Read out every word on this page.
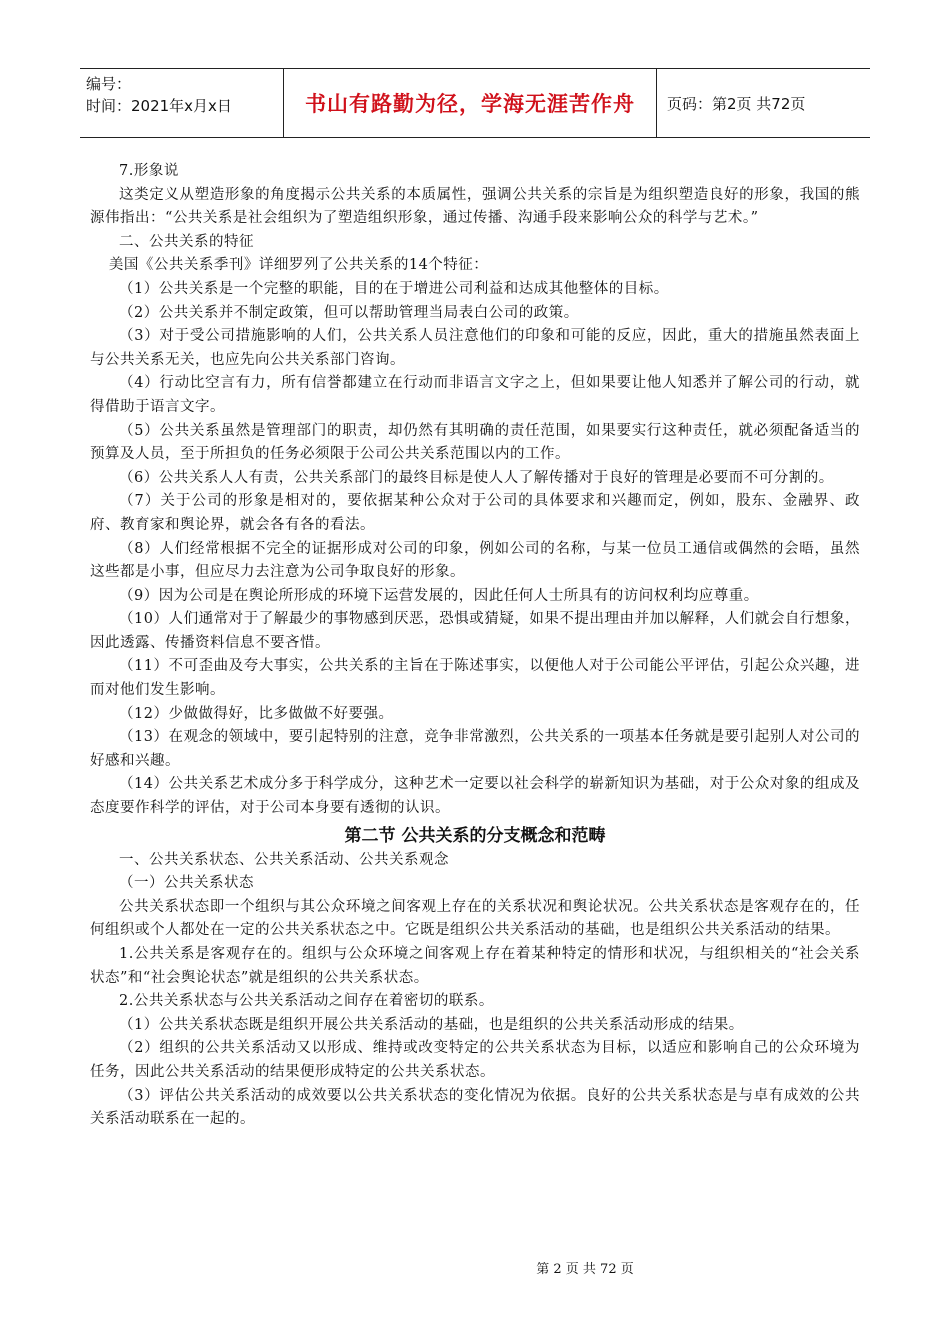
编号：
时间：2021年x月x日	书山有路勤为径，学海无涯苦作舟	页码：第2页 共72页

7.形象说

这类定义从塑造形象的角度揭示公共关系的本质属性，强调公共关系的宗旨是为组织塑造良好的形象，我国的熊源伟指出：“公共关系是社会组织为了塑造组织形象，通过传播、沟通手段来影响公众的科学与艺术。”

二、公共关系的特征

美国《公共关系季刊》详细罗列了公共关系的14个特征：

（1）公共关系是一个完整的职能，目的在于增进公司利益和达成其他整体的目标。

（2）公共关系并不制定政策，但可以帮助管理当局表白公司的政策。

（3）对于受公司措施影响的人们，公共关系人员注意他们的印象和可能的反应，因此，重大的措施虽然表面上与公共关系无关，也应先向公共关系部门咨询。

（4）行动比空言有力，所有信誉都建立在行动而非语言文字之上，但如果要让他人知悉并了解公司的行动，就得借助于语言文字。

（5）公共关系虽然是管理部门的职责，却仍然有其明确的责任范围，如果要实行这种责任，就必须配备适当的预算及人员，至于所担负的任务必须限于公司公共关系范围以内的工作。

（6）公共关系人人有责，公共关系部门的最终目标是使人人了解传播对于良好的管理是必要而不可分割的。

（7）关于公司的形象是相对的，要依据某种公众对于公司的具体要求和兴趣而定，例如，股东、金融界、政府、教育家和舆论界，就会各有各的看法。

（8）人们经常根据不完全的证据形成对公司的印象，例如公司的名称，与某一位员工通信或偶然的会晤，虽然这些都是小事，但应尽力去注意为公司争取良好的形象。

（9）因为公司是在舆论所形成的环境下运营发展的，因此任何人士所具有的访问权利均应尊重。

（10）人们通常对于了解最少的事物感到厌恶，恐惧或猜疑，如果不提出理由并加以解释，人们就会自行想象，因此透露、传播资料信息不要吝惜。

（11）不可歪曲及夸大事实，公共关系的主旨在于陈述事实，以便他人对于公司能公平评估，引起公众兴趣，进而对他们发生影响。

（12）少做做得好，比多做做不好要强。

（13）在观念的领域中，要引起特别的注意，竞争非常激烈，公共关系的一项基本任务就是要引起别人对公司的好感和兴趣。

（14）公共关系艺术成分多于科学成分，这种艺术一定要以社会科学的崭新知识为基础，对于公众对象的组成及态度要作科学的评估，对于公司本身要有透彻的认识。

第二节 公共关系的分支概念和范畴

一、公共关系状态、公共关系活动、公共关系观念

（一）公共关系状态

公共关系状态即一个组织与其公众环境之间客观上存在的关系状况和舆论状况。公共关系状态是客观存在的，任何组织或个人都处在一定的公共关系状态之中。它既是组织公共关系活动的基础，也是组织公共关系活动的结果。

1.公共关系是客观存在的。组织与公众环境之间客观上存在着某种特定的情形和状况，与组织相关的“社会关系状态”和“社会舆论状态”就是组织的公共关系状态。

2.公共关系状态与公共关系活动之间存在着密切的联系。

（1）公共关系状态既是组织开展公共关系活动的基础，也是组织的公共关系活动形成的结果。

（2）组织的公共关系活动又以形成、维持或改变特定的公共关系状态为目标，以适应和影响自己的公众环境为任务，因此公共关系活动的结果便形成特定的公共关系状态。

（3）评估公共关系活动的成效要以公共关系状态的变化情况为依据。良好的公共关系状态是与卓有成效的公共关系活动联系在一起的。

第 2 页 共 72 页
